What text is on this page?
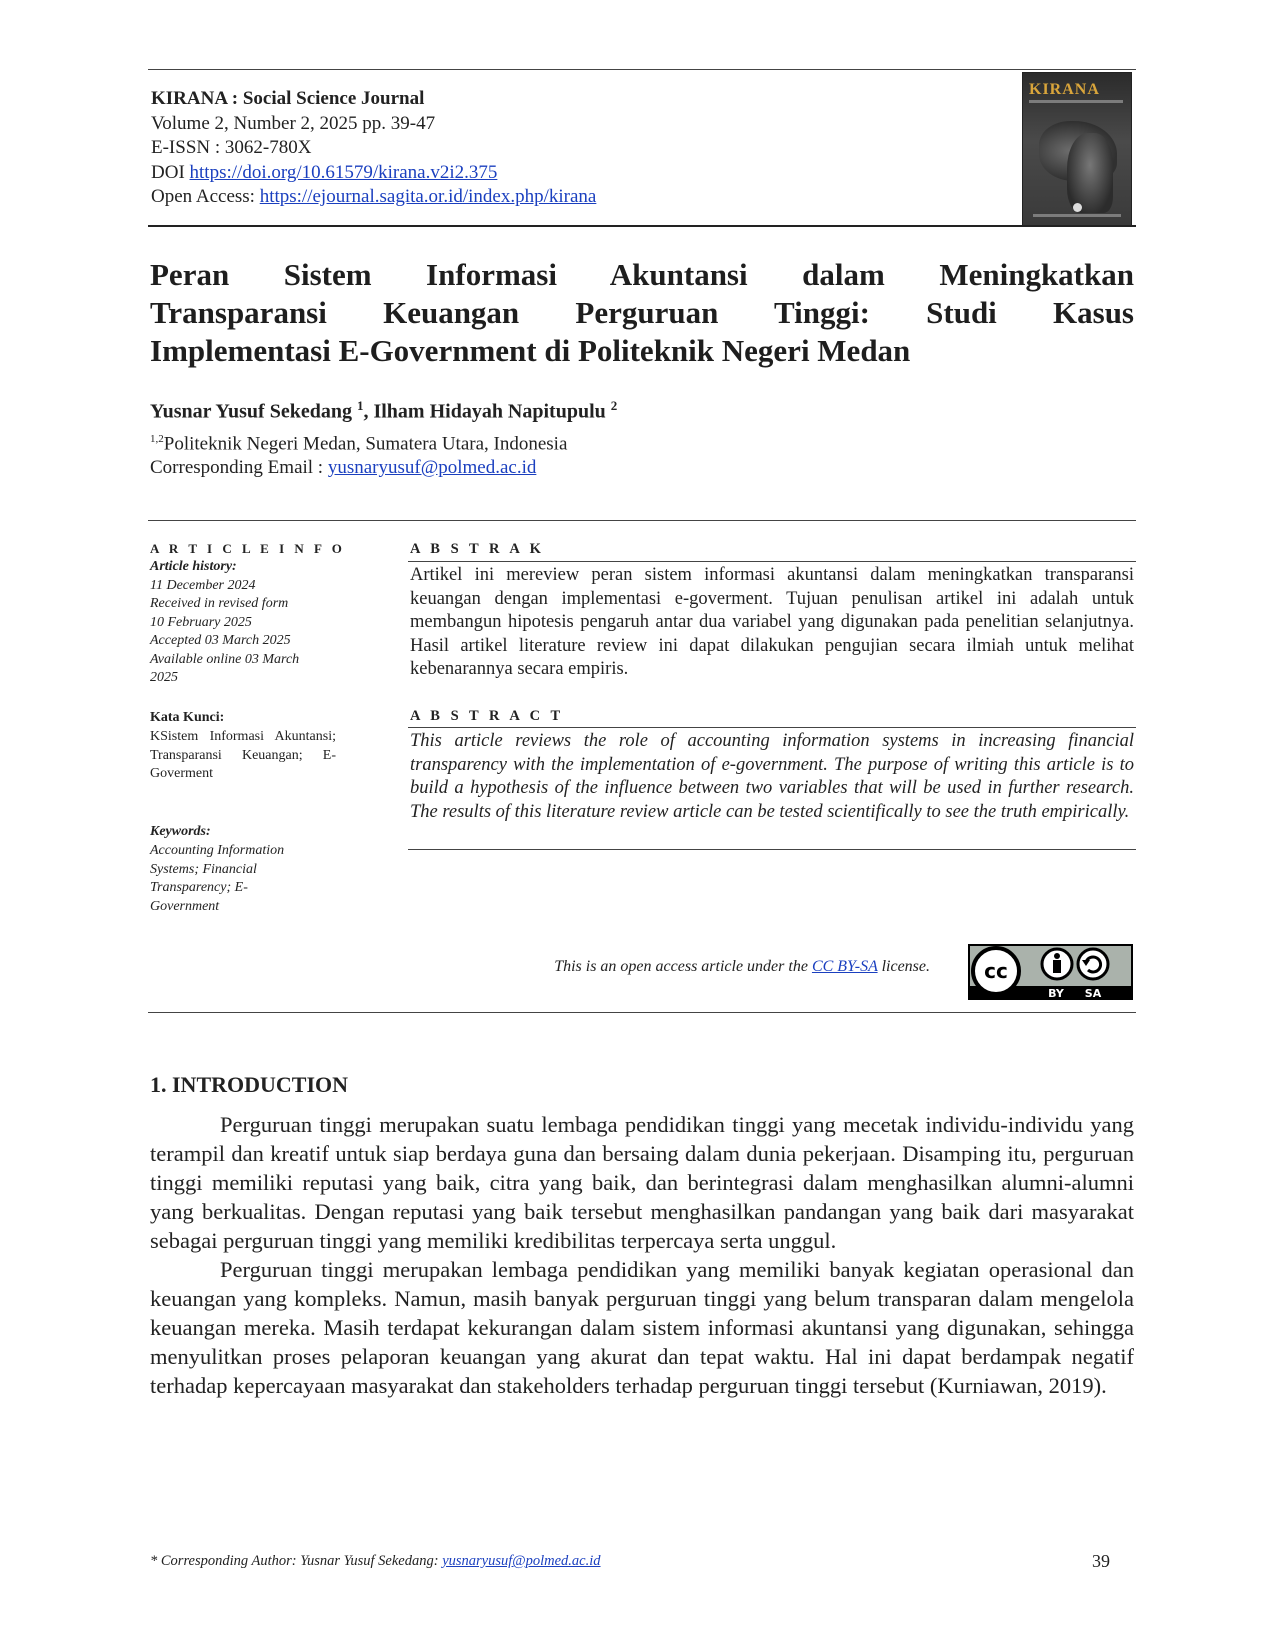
KIRANA : Social Science Journal
Volume 2, Number 2, 2025 pp. 39-47
E-ISSN : 3062-780X
DOI https://doi.org/10.61579/kirana.v2i2.375
Open Access: https://ejournal.sagita.or.id/index.php/kirana
KIRANA
Peran Sistem Informasi Akuntansi dalam Meningkatkan
Transparansi Keuangan Perguruan Tinggi: Studi Kasus
Implementasi E-Government di Politeknik Negeri Medan
Yusnar Yusuf Sekedang $^1$, Ilham Hidayah Napitupulu $^2$
$^{1,2}$Politeknik Negeri Medan, Sumatera Utara, Indonesia
Corresponding Email : yusnaryusuf@polmed.ac.id
A R T I C L E I N F O
Article history:
11 December 2024
Received in revised form
10 February 2025
Accepted 03 March 2025
Available online 03 March
2025
Kata Kunci:
KSistem Informasi Akuntansi; Transparansi Keuangan; E-Goverment
Keywords:
Accounting Information Systems; Financial Transparency; E-Government
A B S T R A K
Artikel ini mereview peran sistem informasi akuntansi dalam meningkatkan transparansi keuangan dengan implementasi e-goverment. Tujuan penulisan artikel ini adalah untuk membangun hipotesis pengaruh antar dua variabel yang digunakan pada penelitian selanjutnya. Hasil artikel literature review ini dapat dilakukan pengujian secara ilmiah untuk melihat kebenarannya secara empiris.
A B S T R A C T
This article reviews the role of accounting information systems in increasing financial transparency with the implementation of e-government. The purpose of writing this article is to build a hypothesis of the influence between two variables that will be used in further research. The results of this literature review article can be tested scientifically to see the truth empirically.
This is an open access article under the CC BY-SA license.	cc
BY SA
1. INTRODUCTION

Perguruan tinggi merupakan suatu lembaga pendidikan tinggi yang mecetak individu-individu yang terampil dan kreatif untuk siap berdaya guna dan bersaing dalam dunia pekerjaan. Disamping itu, perguruan tinggi memiliki reputasi yang baik, citra yang baik, dan berintegrasi dalam menghasilkan alumni-alumni yang berkualitas. Dengan reputasi yang baik tersebut menghasilkan pandangan yang baik dari masyarakat sebagai perguruan tinggi yang memiliki kredibilitas terpercaya serta unggul.

Perguruan tinggi merupakan lembaga pendidikan yang memiliki banyak kegiatan operasional dan keuangan yang kompleks. Namun, masih banyak perguruan tinggi yang belum transparan dalam mengelola keuangan mereka. Masih terdapat kekurangan dalam sistem informasi akuntansi yang digunakan, sehingga menyulitkan proses pelaporan keuangan yang akurat dan tepat waktu. Hal ini dapat berdampak negatif terhadap kepercayaan masyarakat dan stakeholders terhadap perguruan tinggi tersebut (Kurniawan, 2019).

* Corresponding Author: Yusnar Yusuf Sekedang: yusnaryusuf@polmed.ac.id	39
